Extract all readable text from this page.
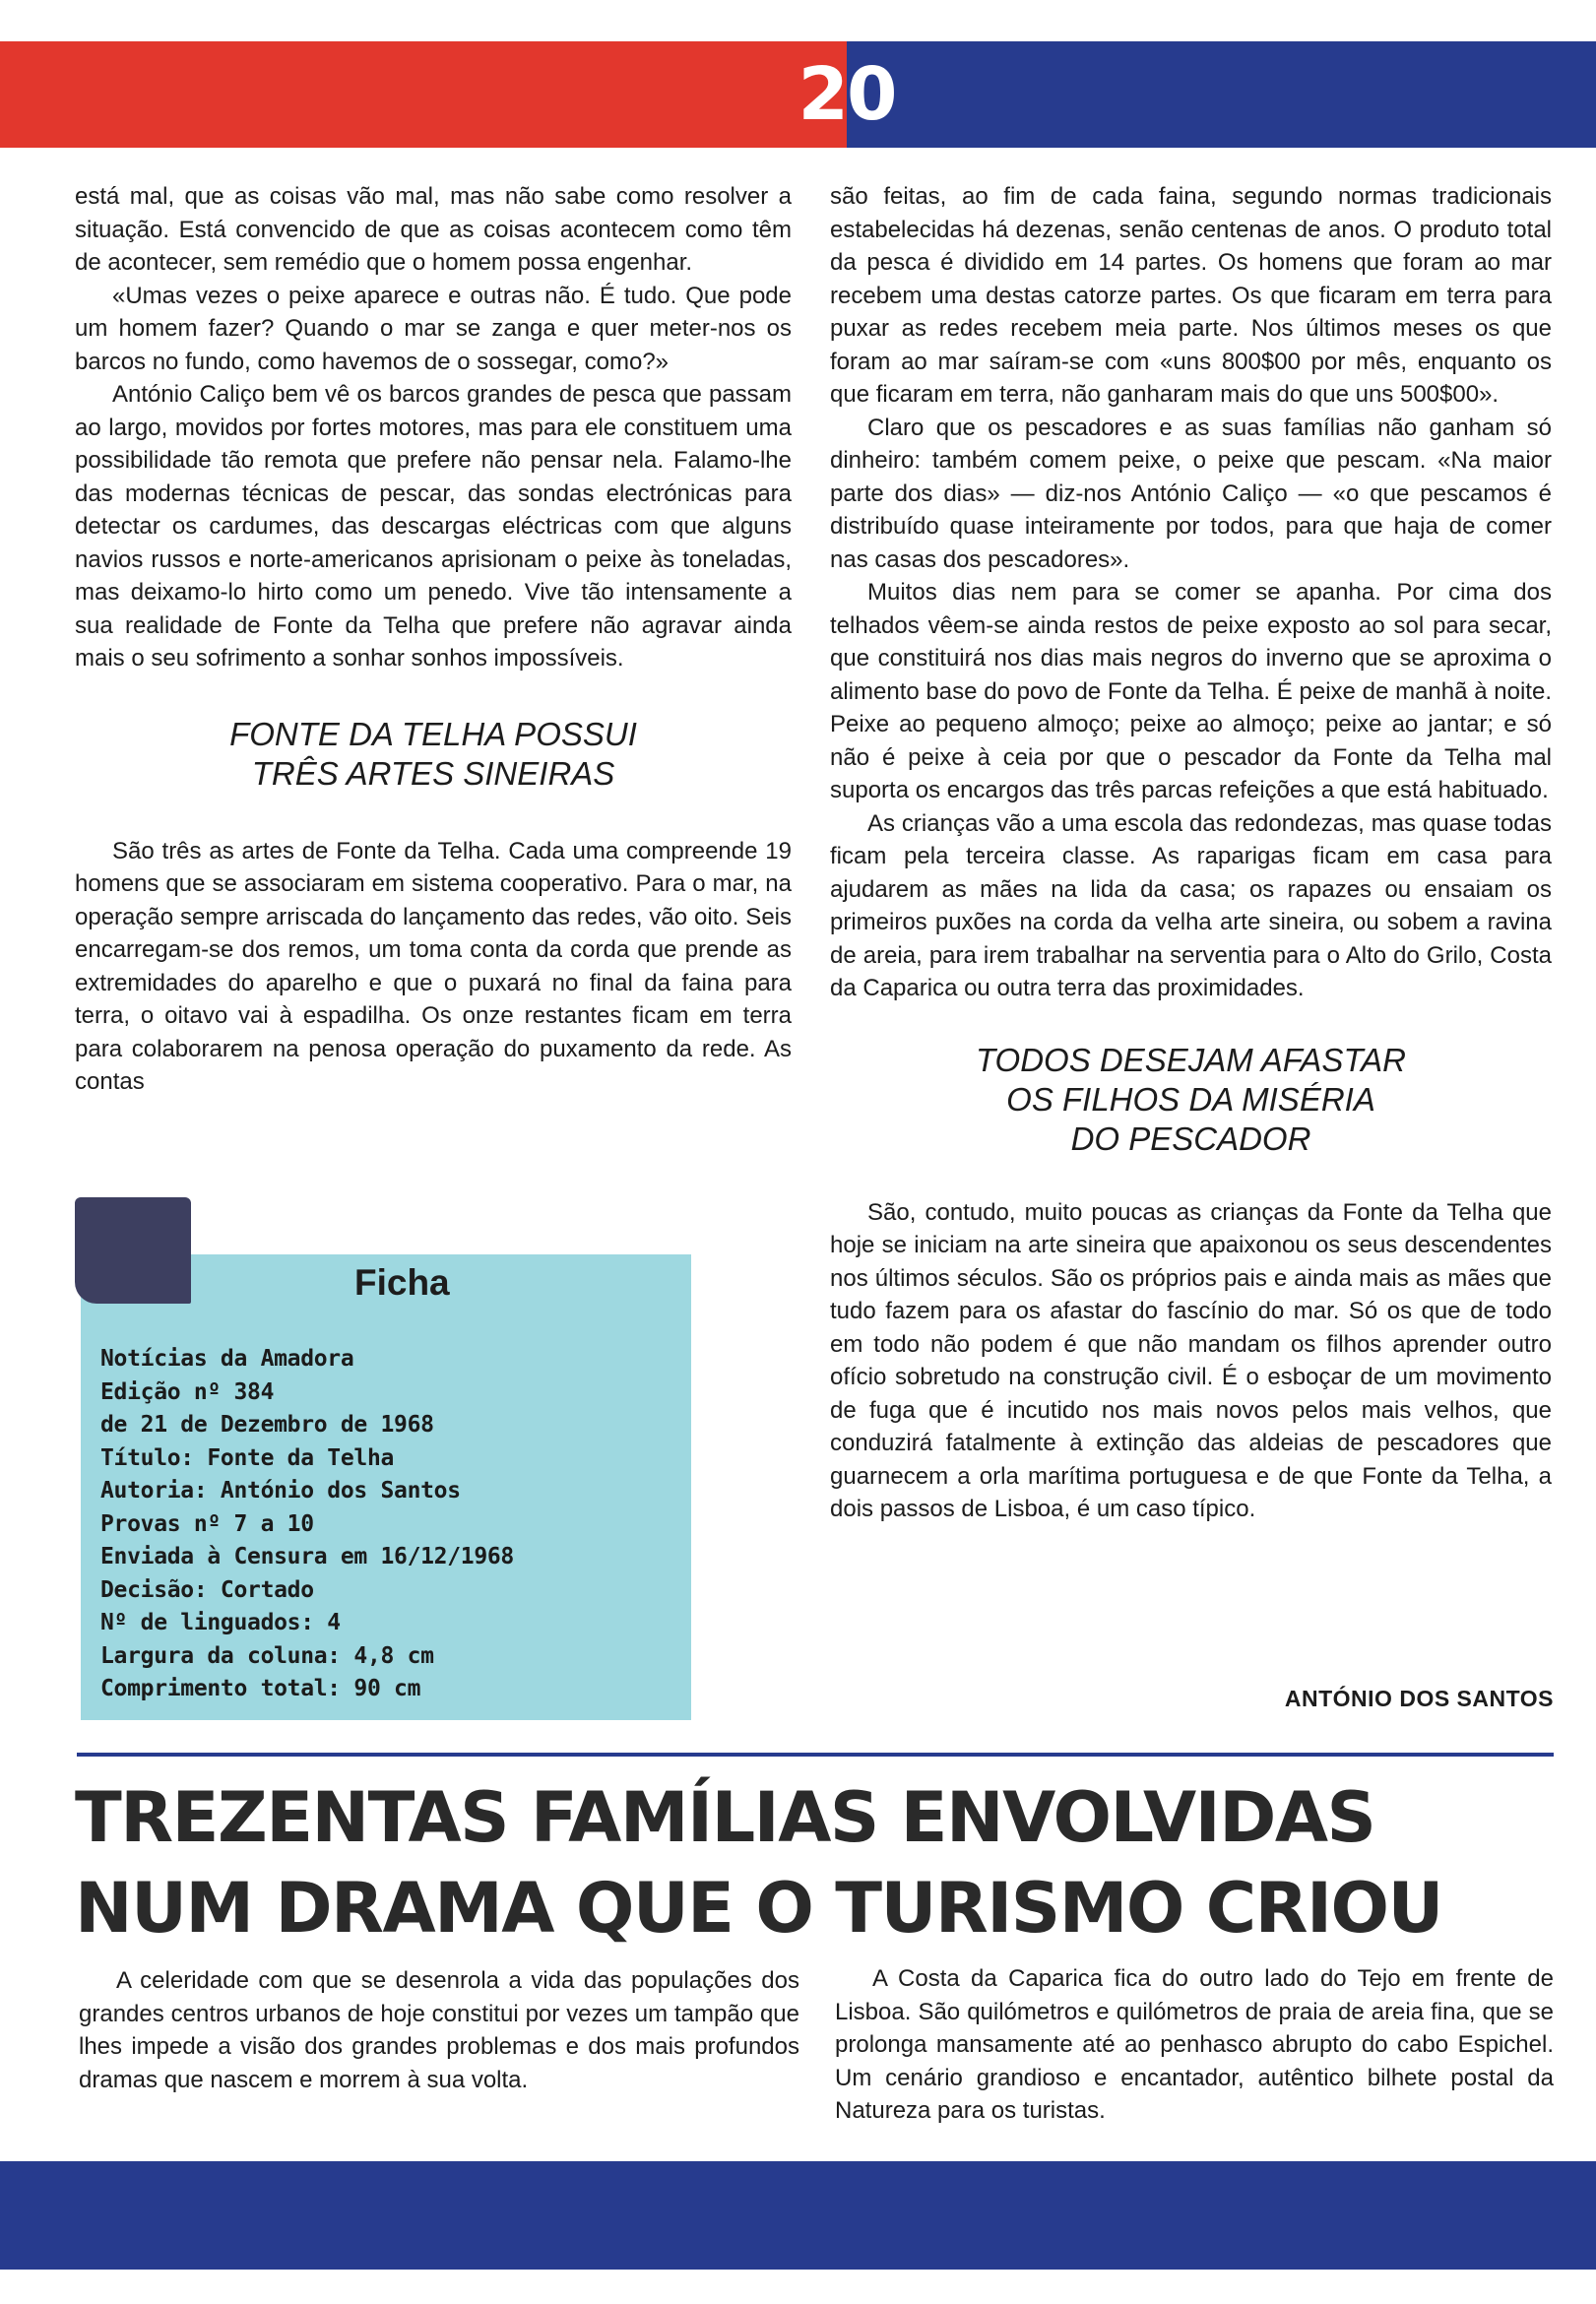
20

está mal, que as coisas vão mal, mas não sabe como resolver a situação. Está convencido de que as coisas acontecem como têm de acontecer, sem remédio que o homem possa engenhar.

«Umas vezes o peixe aparece e outras não. É tudo. Que pode um homem fazer? Quando o mar se zanga e quer meter-nos os barcos no fundo, como havemos de o sossegar, como?»

António Caliço bem vê os barcos grandes de pesca que passam ao largo, movidos por fortes motores, mas para ele constituem uma possibilidade tão remota que prefere não pensar nela. Falamo-lhe das modernas técnicas de pescar, das sondas electrónicas para detectar os cardumes, das descargas eléctricas com que alguns navios russos e norte-americanos aprisionam o peixe às toneladas, mas deixamo-lo hirto como um penedo. Vive tão intensamente a sua realidade de Fonte da Telha que prefere não agravar ainda mais o seu sofrimento a sonhar sonhos impossíveis.

FONTE DA TELHA POSSUI
TRÊS ARTES SINEIRAS

São três as artes de Fonte da Telha. Cada uma compreende 19 homens que se associaram em sistema cooperativo. Para o mar, na operação sempre arriscada do lançamento das redes, vão oito. Seis encarregam-se dos remos, um toma conta da corda que prende as extremidades do aparelho e que o puxará no final da faina para terra, o oitavo vai à espadilha. Os onze restantes ficam em terra para colaborarem na penosa operação do puxamento da rede. As contas

são feitas, ao fim de cada faina, segundo normas tradicionais estabelecidas há dezenas, senão centenas de anos. O produto total da pesca é dividido em 14 partes. Os homens que foram ao mar recebem uma destas catorze partes. Os que ficaram em terra para puxar as redes recebem meia parte. Nos últimos meses os que foram ao mar saíram-se com «uns 800$00 por mês, enquanto os que ficaram em terra, não ganharam mais do que uns 500$00».

Claro que os pescadores e as suas famílias não ganham só dinheiro: também comem peixe, o peixe que pescam. «Na maior parte dos dias» — diz-nos António Caliço — «o que pescamos é distribuído quase inteiramente por todos, para que haja de comer nas casas dos pescadores».

Muitos dias nem para se comer se apanha. Por cima dos telhados vêem-se ainda restos de peixe exposto ao sol para secar, que constituirá nos dias mais negros do inverno que se aproxima o alimento base do povo de Fonte da Telha. É peixe de manhã à noite. Peixe ao pequeno almoço; peixe ao almoço; peixe ao jantar; e só não é peixe à ceia por que o pescador da Fonte da Telha mal suporta os encargos das três parcas refeições a que está habituado.

As crianças vão a uma escola das redondezas, mas quase todas ficam pela terceira classe. As raparigas ficam em casa para ajudarem as mães na lida da casa; os rapazes ou ensaiam os primeiros puxões na corda da velha arte sineira, ou sobem a ravina de areia, para irem trabalhar na serventia para o Alto do Grilo, Costa da Caparica ou outra terra das proximidades.

TODOS DESEJAM AFASTAR
OS FILHOS DA MISÉRIA
DO PESCADOR

São, contudo, muito poucas as crianças da Fonte da Telha que hoje se iniciam na arte sineira que apaixonou os seus descendentes nos últimos séculos. São os próprios pais e ainda mais as mães que tudo fazem para os afastar do fascínio do mar. Só os que de todo em todo não podem é que não mandam os filhos aprender outro ofício sobretudo na construção civil. É o esboçar de um movimento de fuga que é incutido nos mais novos pelos mais velhos, que conduzirá fatalmente à extinção das aldeias de pescadores que guarnecem a orla marítima portuguesa e de que Fonte da Telha, a dois passos de Lisboa, é um caso típico.

Ficha
Notícias da Amadora
Edição nº 384
de 21 de Dezembro de 1968
Título: Fonte da Telha
Autoria: António dos Santos
Provas nº 7 a 10
Enviada à Censura em 16/12/1968
Decisão: Cortado
Nº de linguados: 4
Largura da coluna: 4,8 cm
Comprimento total: 90 cm	ANTÓNIO DOS SANTOS
TREZENTAS FAMÍLIAS ENVOLVIDAS
NUM DRAMA QUE O TURISMO CRIOU

A celeridade com que se desenrola a vida das populações dos grandes centros urbanos de hoje constitui por vezes um tampão que lhes impede a visão dos grandes problemas e dos mais profundos dramas que nascem e morrem à sua volta.

A Costa da Caparica fica do outro lado do Tejo em frente de Lisboa. São quilómetros e quilómetros de praia de areia fina, que se prolonga mansamente até ao penhasco abrupto do cabo Espichel. Um cenário grandioso e encantador, autêntico bilhete postal da Natureza para os turistas.
